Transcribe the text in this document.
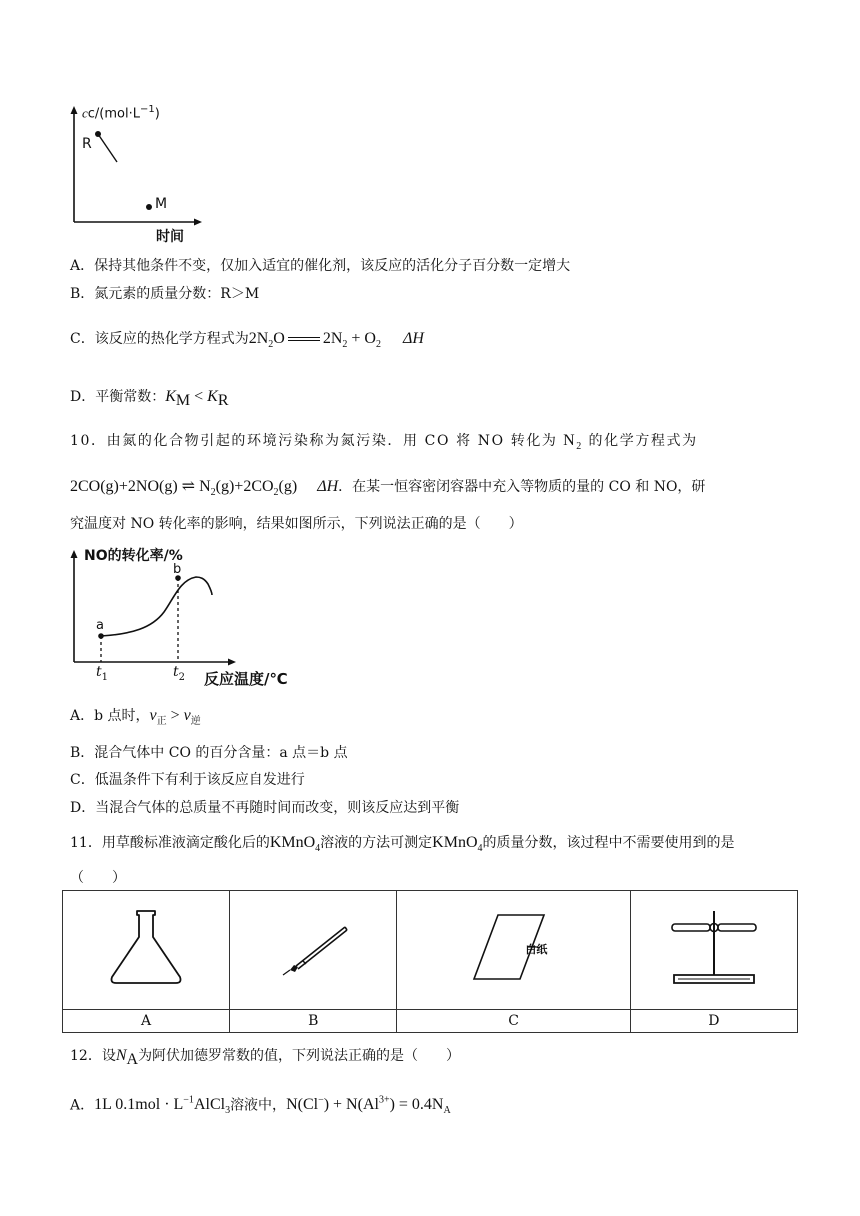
$cc/(mol\cdot L^{-1})$
R
M
时间
A．保持其他条件不变，仅加入适宜的催化剂，该反应的活化分子百分数一定增大
B．氮元素的质量分数：R＞M
C．该反应的热化学方程式为$2N_2O$ $2N_2 + O_2$ ΔH
D．平衡常数：$K_M < K_R$
10．由氮的化合物引起的环境污染称为氮污染．用 CO 将 NO 转化为 $N_2$ 的化学方程式为
2CO(g)+2NO(g) ⇌ $N_2(g)+2CO_2(g)$ ΔH．在某一恒容密闭容器中充入等物质的量的 CO 和 NO，研
究温度对 NO 转化率的影响，结果如图所示，下列说法正确的是（　　）
NO的转化率/%
a
b
$t_1$	$t_2$ 反应温度/℃
A．b 点时，$v_正 > v_逆$
B．混合气体中 CO 的百分含量：a 点＝b 点
C．低温条件下有利于该反应自发进行
D．当混合气体的总质量不再随时间而改变，则该反应达到平衡
11．用草酸标准液滴定酸化后的KMnO$_4$溶液的方法可测定KMnO$_4$的质量分数，该过程中不需要使用到的是
（　　）

白纸

A	B	C	D
12．设$N_A$为阿伏加德罗常数的值，下列说法正确的是（　　）
A．1L $0.1mol \cdot L^{-1}AlCl_3$溶液中，$N(Cl^-) + N(Al^{3+}) = 0.4N_A$
